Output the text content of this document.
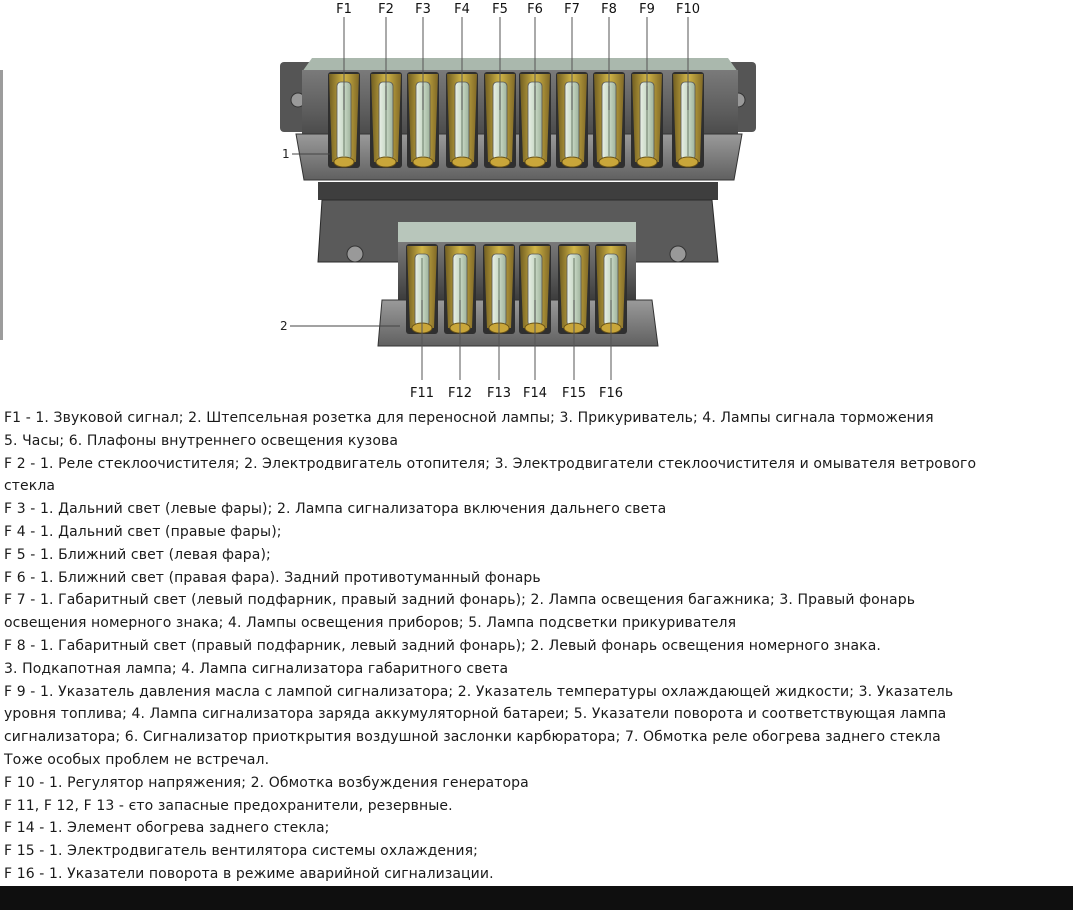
1
2
F1 F2 F3 F4 F5 F6 F7 F8 F9 F10
F11 F12 F13 F14 F15 F16
F1 - 1. Звуковой сигнал; 2. Штепсельная розетка для переносной лампы; 3. Прикуриватель; 4. Лампы сигнала торможения
5. Часы; 6. Плафоны внутреннего освещения кузова
F 2 - 1. Реле стеклоочистителя; 2. Электродвигатель отопителя; 3. Электродвигатели стеклоочистителя и омывателя ветрового
стекла
F 3 - 1. Дальний свет (левые фары); 2. Лампа сигнализатора включения дальнего света
F 4 - 1. Дальний свет (правые фары);
F 5 - 1. Ближний свет (левая фара);
F 6 - 1. Ближний свет (правая фара). Задний противотуманный фонарь
F 7 - 1. Габаритный свет (левый подфарник, правый задний фонарь); 2. Лампа освещения багажника; 3. Правый фонарь
освещения номерного знака; 4. Лампы освещения приборов; 5. Лампа подсветки прикуривателя
F 8 - 1. Габаритный свет (правый подфарник, левый задний фонарь); 2. Левый фонарь освещения номерного знака.
3. Подкапотная лампа; 4. Лампа сигнализатора габаритного света
F 9 - 1. Указатель давления масла с лампой сигнализатора; 2. Указатель температуры охлаждающей жидкости; 3. Указатель
уровня топлива; 4. Лампа сигнализатора заряда аккумуляторной батареи; 5. Указатели поворота и соответствующая лампа
сигнализатора; 6. Сигнализатор приоткрытия воздушной заслонки карбюратора; 7. Обмотка реле обогрева заднего стекла
Тоже особых проблем не встречал.
F 10 - 1. Регулятор напряжения; 2. Обмотка возбуждения генератора
F 11, F 12, F 13 - єто запасные предохранители, резервные.
F 14 - 1. Элемент обогрева заднего стекла;
F 15 - 1. Электродвигатель вентилятора системы охлаждения;
F 16 - 1. Указатели поворота в режиме аварийной сигнализации.
